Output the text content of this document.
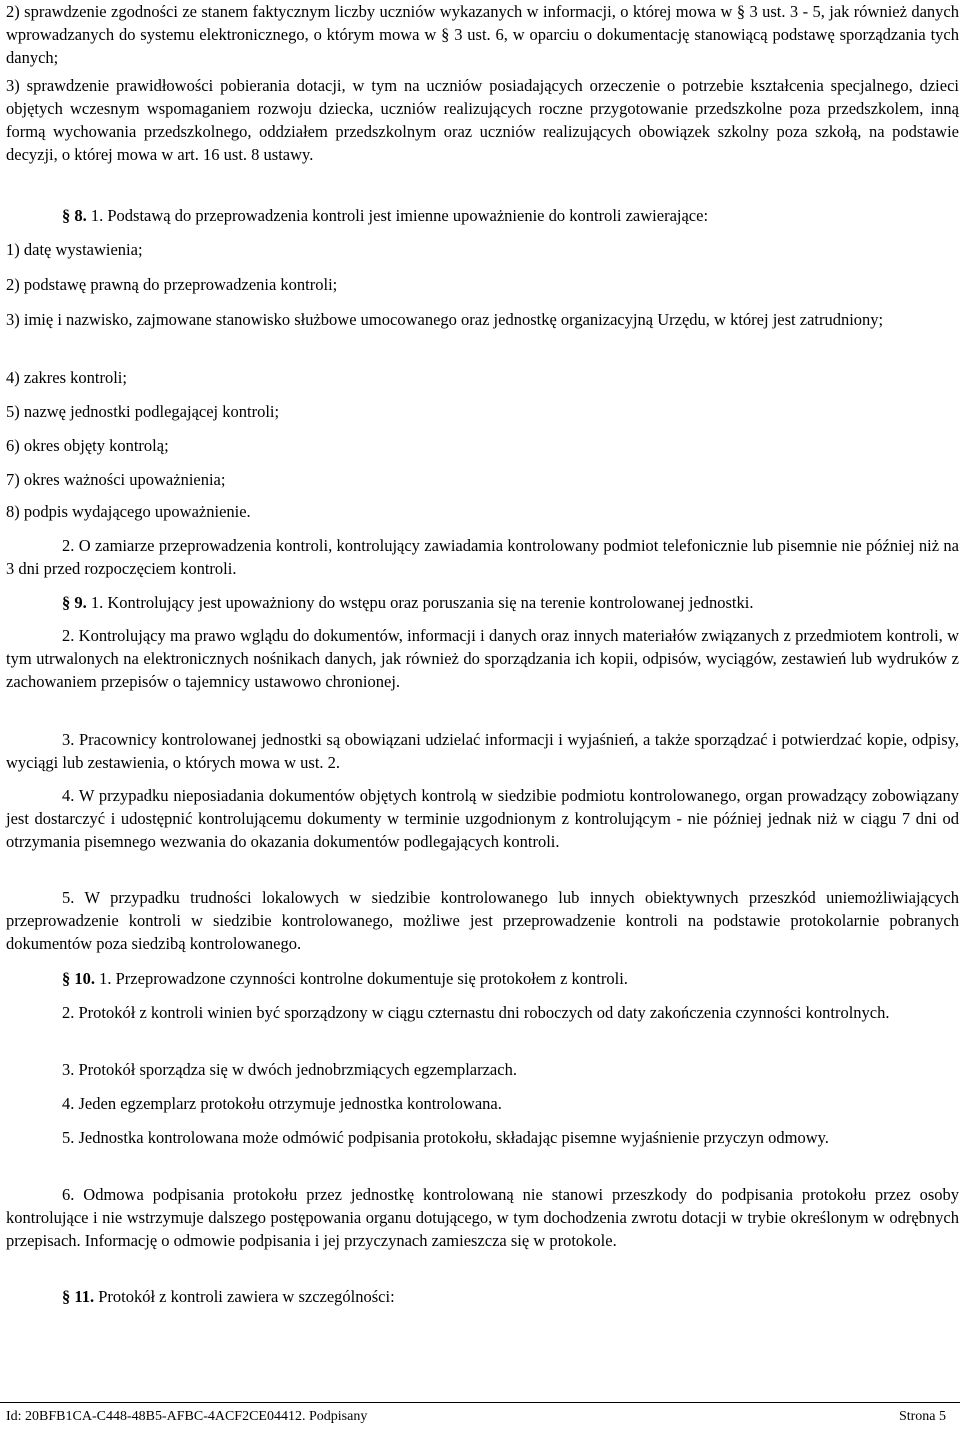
2) sprawdzenie zgodności ze stanem faktycznym liczby uczniów wykazanych w informacji, o której mowa w § 3 ust. 3 - 5, jak również danych wprowadzanych do systemu elektronicznego, o którym mowa w § 3 ust. 6, w oparciu o dokumentację stanowiącą podstawę sporządzania tych danych;
3) sprawdzenie prawidłowości pobierania dotacji, w tym na uczniów posiadających orzeczenie o potrzebie kształcenia specjalnego, dzieci objętych wczesnym wspomaganiem rozwoju dziecka, uczniów realizujących roczne przygotowanie przedszkolne poza przedszkolem, inną formą wychowania przedszkolnego, oddziałem przedszkolnym oraz uczniów realizujących obowiązek szkolny poza szkołą, na podstawie decyzji, o której mowa w art. 16 ust. 8 ustawy.
§ 8. 1. Podstawą do przeprowadzenia kontroli jest imienne upoważnienie do kontroli zawierające:
1) datę wystawienia;
2) podstawę prawną do przeprowadzenia kontroli;
3) imię i nazwisko, zajmowane stanowisko służbowe umocowanego oraz jednostkę organizacyjną Urzędu, w której jest zatrudniony;
4) zakres kontroli;
5) nazwę jednostki podlegającej kontroli;
6) okres objęty kontrolą;
7) okres ważności upoważnienia;
8) podpis wydającego upoważnienie.
2. O zamiarze przeprowadzenia kontroli, kontrolujący zawiadamia kontrolowany podmiot telefonicznie lub pisemnie nie później niż na 3 dni przed rozpoczęciem kontroli.
§ 9. 1. Kontrolujący jest upoważniony do wstępu oraz poruszania się na terenie kontrolowanej jednostki.
2. Kontrolujący ma prawo wglądu do dokumentów, informacji i danych oraz innych materiałów związanych z przedmiotem kontroli, w tym utrwalonych na elektronicznych nośnikach danych, jak również do sporządzania ich kopii, odpisów, wyciągów, zestawień lub wydruków z zachowaniem przepisów o tajemnicy ustawowo chronionej.
3. Pracownicy kontrolowanej jednostki są obowiązani udzielać informacji i wyjaśnień, a także sporządzać i potwierdzać kopie, odpisy, wyciągi lub zestawienia, o których mowa w ust. 2.
4. W przypadku nieposiadania dokumentów objętych kontrolą w siedzibie podmiotu kontrolowanego, organ prowadzący zobowiązany jest dostarczyć i udostępnić kontrolującemu dokumenty w terminie uzgodnionym z kontrolującym - nie później jednak niż w ciągu 7 dni od otrzymania pisemnego wezwania do okazania dokumentów podlegających kontroli.
5. W przypadku trudności lokalowych w siedzibie kontrolowanego lub innych obiektywnych przeszkód uniemożliwiających przeprowadzenie kontroli w siedzibie kontrolowanego, możliwe jest przeprowadzenie kontroli na podstawie protokolarnie pobranych dokumentów poza siedzibą kontrolowanego.
§ 10. 1. Przeprowadzone czynności kontrolne dokumentuje się protokołem z kontroli.
2. Protokół z kontroli winien być sporządzony w ciągu czternastu dni roboczych od daty zakończenia czynności kontrolnych.
3. Protokół sporządza się w dwóch jednobrzmiących egzemplarzach.
4. Jeden egzemplarz protokołu otrzymuje jednostka kontrolowana.
5. Jednostka kontrolowana może odmówić podpisania protokołu, składając pisemne wyjaśnienie przyczyn odmowy.
6. Odmowa podpisania protokołu przez jednostkę kontrolowaną nie stanowi przeszkody do podpisania protokołu przez osoby kontrolujące i nie wstrzymuje dalszego postępowania organu dotującego, w tym dochodzenia zwrotu dotacji w trybie określonym w odrębnych przepisach. Informację o odmowie podpisania i jej przyczynach zamieszcza się w protokole.
§ 11. Protokół z kontroli zawiera w szczególności:
Id: 20BFB1CA-C448-48B5-AFBC-4ACF2CE04412. Podpisany	Strona 5
